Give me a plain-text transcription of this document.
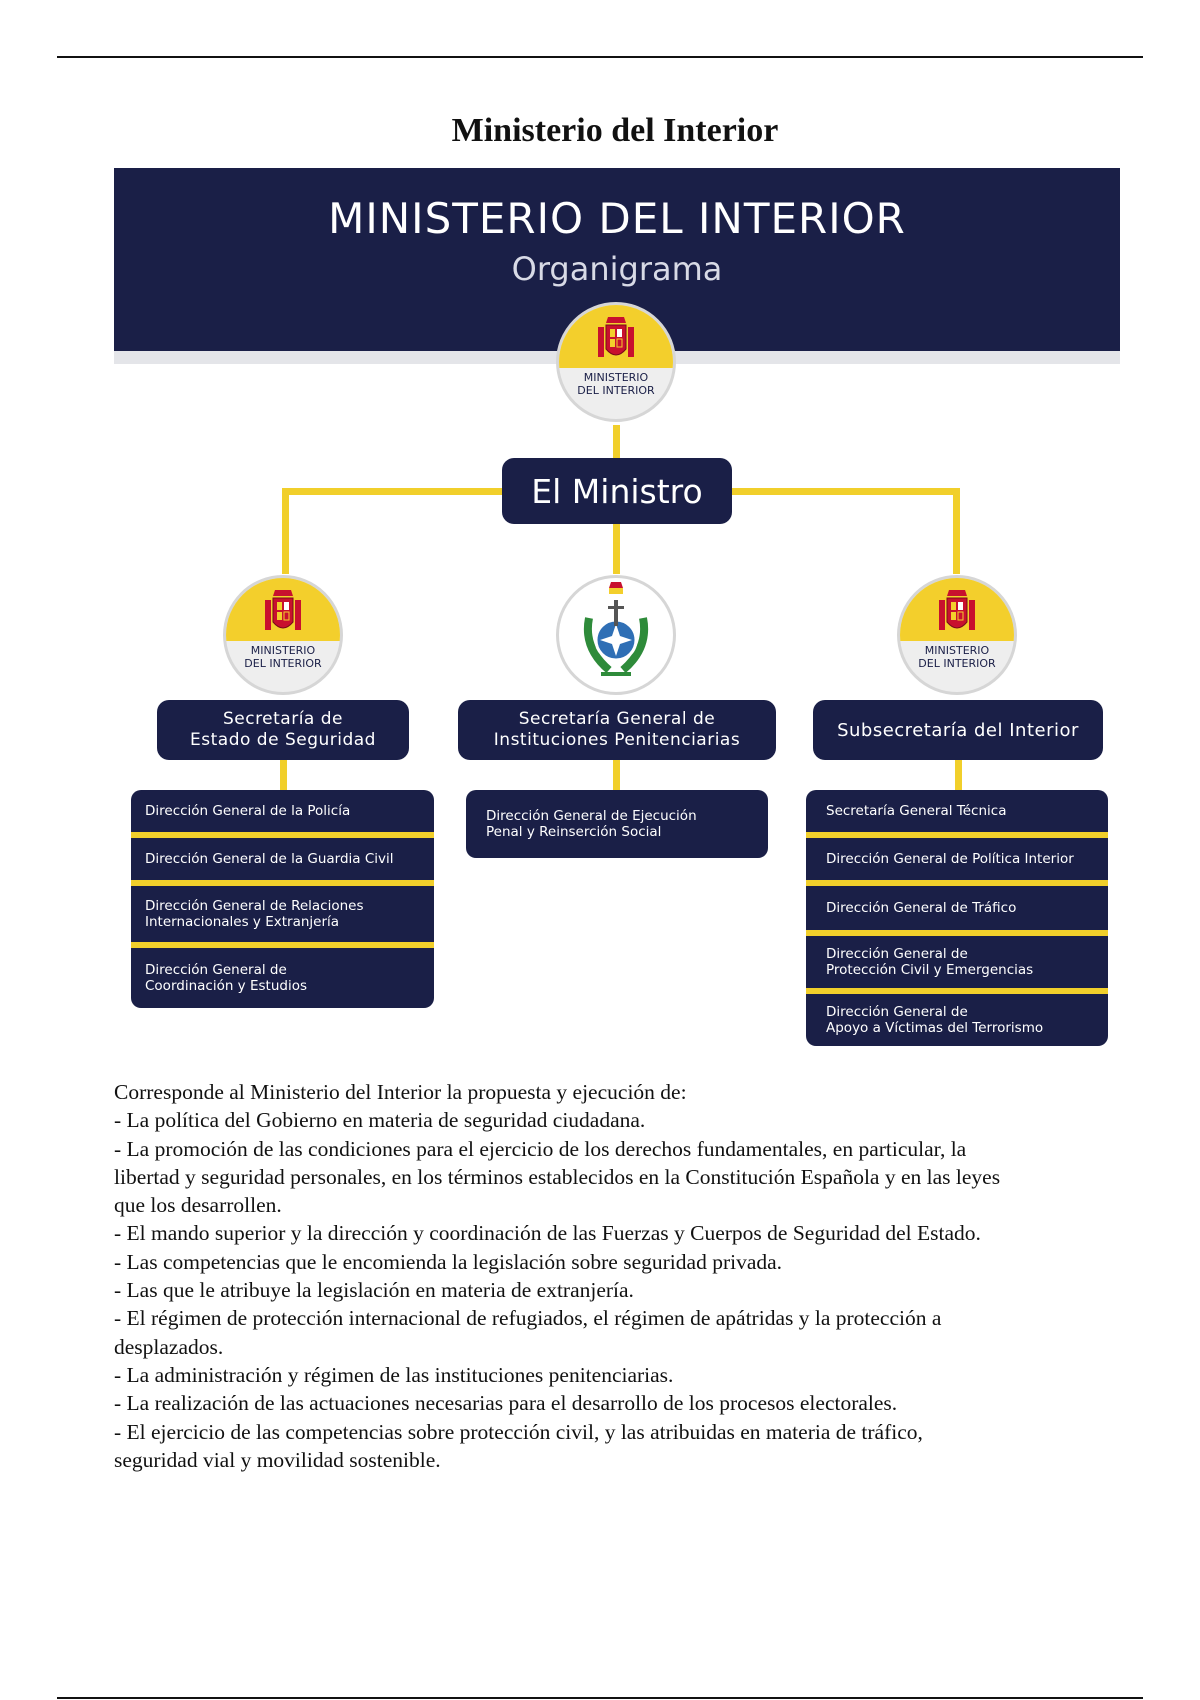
Ministerio del Interior
MINISTERIO DEL INTERIOR
Organigrama
MINISTERIO
DEL INTERIOR
El Ministro
MINISTERIO
DEL INTERIOR
MINISTERIO
DEL INTERIOR
Secretaría de
Estado de Seguridad
Secretaría General de
Instituciones Penitenciarias	Subsecretaría del Interior
Dirección General de la Policía
Dirección General de la Guardia Civil
Dirección General de Relaciones
Internacionales y Extranjería
Dirección General de
Coordinación y Estudios
Dirección General de Ejecución
Penal y Reinserción Social
Secretaría General Técnica
Dirección General de Política Interior
Dirección General de Tráfico
Dirección General de
Protección Civil y Emergencias
Dirección General de
Apoyo a Víctimas del Terrorismo
Corresponde al Ministerio del Interior la propuesta y ejecución de:
- La política del Gobierno en materia de seguridad ciudadana.
- La promoción de las condiciones para el ejercicio de los derechos fundamentales, en particular, la
libertad y seguridad personales, en los términos establecidos en la Constitución Española y en las leyes
que los desarrollen.
- El mando superior y la dirección y coordinación de las Fuerzas y Cuerpos de Seguridad del Estado.
- Las competencias que le encomienda la legislación sobre seguridad privada.
- Las que le atribuye la legislación en materia de extranjería.
- El régimen de protección internacional de refugiados, el régimen de apátridas y la protección a
desplazados.
- La administración y régimen de las instituciones penitenciarias.
- La realización de las actuaciones necesarias para el desarrollo de los procesos electorales.
- El ejercicio de las competencias sobre protección civil, y las atribuidas en materia de tráfico,
seguridad vial y movilidad sostenible.
